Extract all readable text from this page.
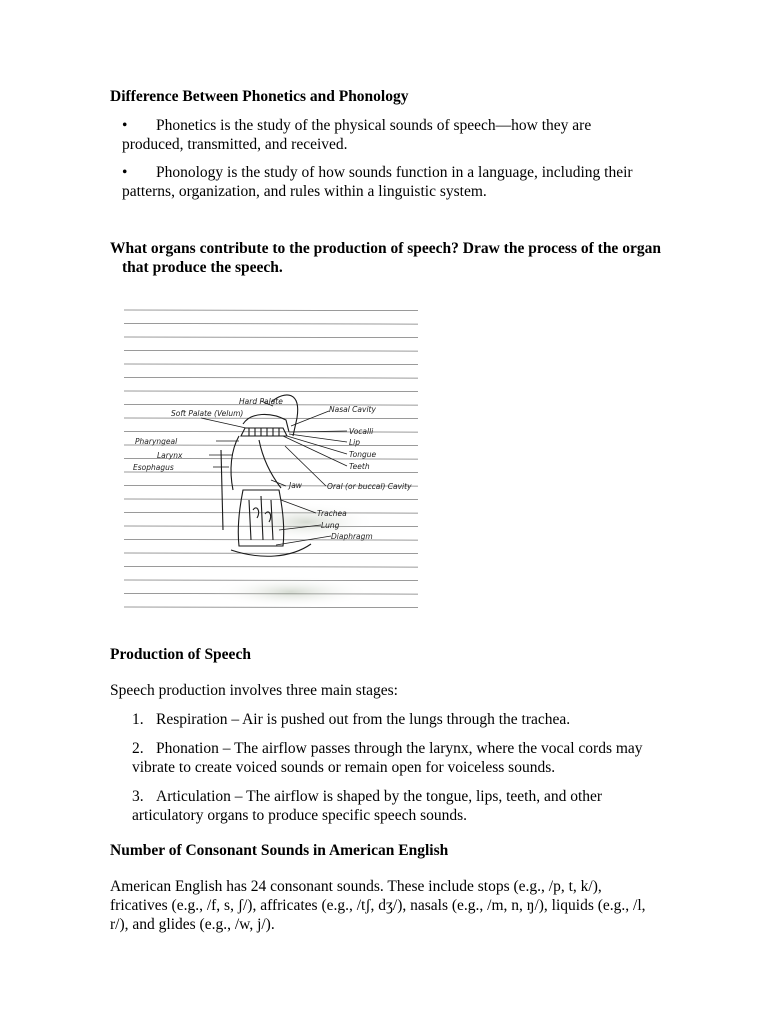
Difference Between Phonetics and Phonology

• Phonetics is the study of the physical sounds of speech—how they are produced, transmitted, and received.

• Phonology is the study of how sounds function in a language, including their patterns, organization, and rules within a linguistic system.

What organs contribute to the production of speech? Draw the process of the organ that produce the speech.
Soft Palate (Velum)
Pharyngeal
Larynx
Esophagus
Hard Palate
Nasal Cavity
Vocalli
Lip
Tongue
Teeth
Oral (or buccal) Cavity
Trachea
Lung
Diaphragm
Jaw
Production of Speech

Speech production involves three main stages:

1. Respiration – Air is pushed out from the lungs through the trachea.

2. Phonation – The airflow passes through the larynx, where the vocal cords may vibrate to create voiced sounds or remain open for voiceless sounds.

3. Articulation – The airflow is shaped by the tongue, lips, teeth, and other articulatory organs to produce specific speech sounds.

Number of Consonant Sounds in American English

American English has 24 consonant sounds. These include stops (e.g., /p, t, k/), fricatives (e.g., /f, s, ʃ/), affricates (e.g., /tʃ, dʒ/), nasals (e.g., /m, n, ŋ/), liquids (e.g., /l, r/), and glides (e.g., /w, j/).
